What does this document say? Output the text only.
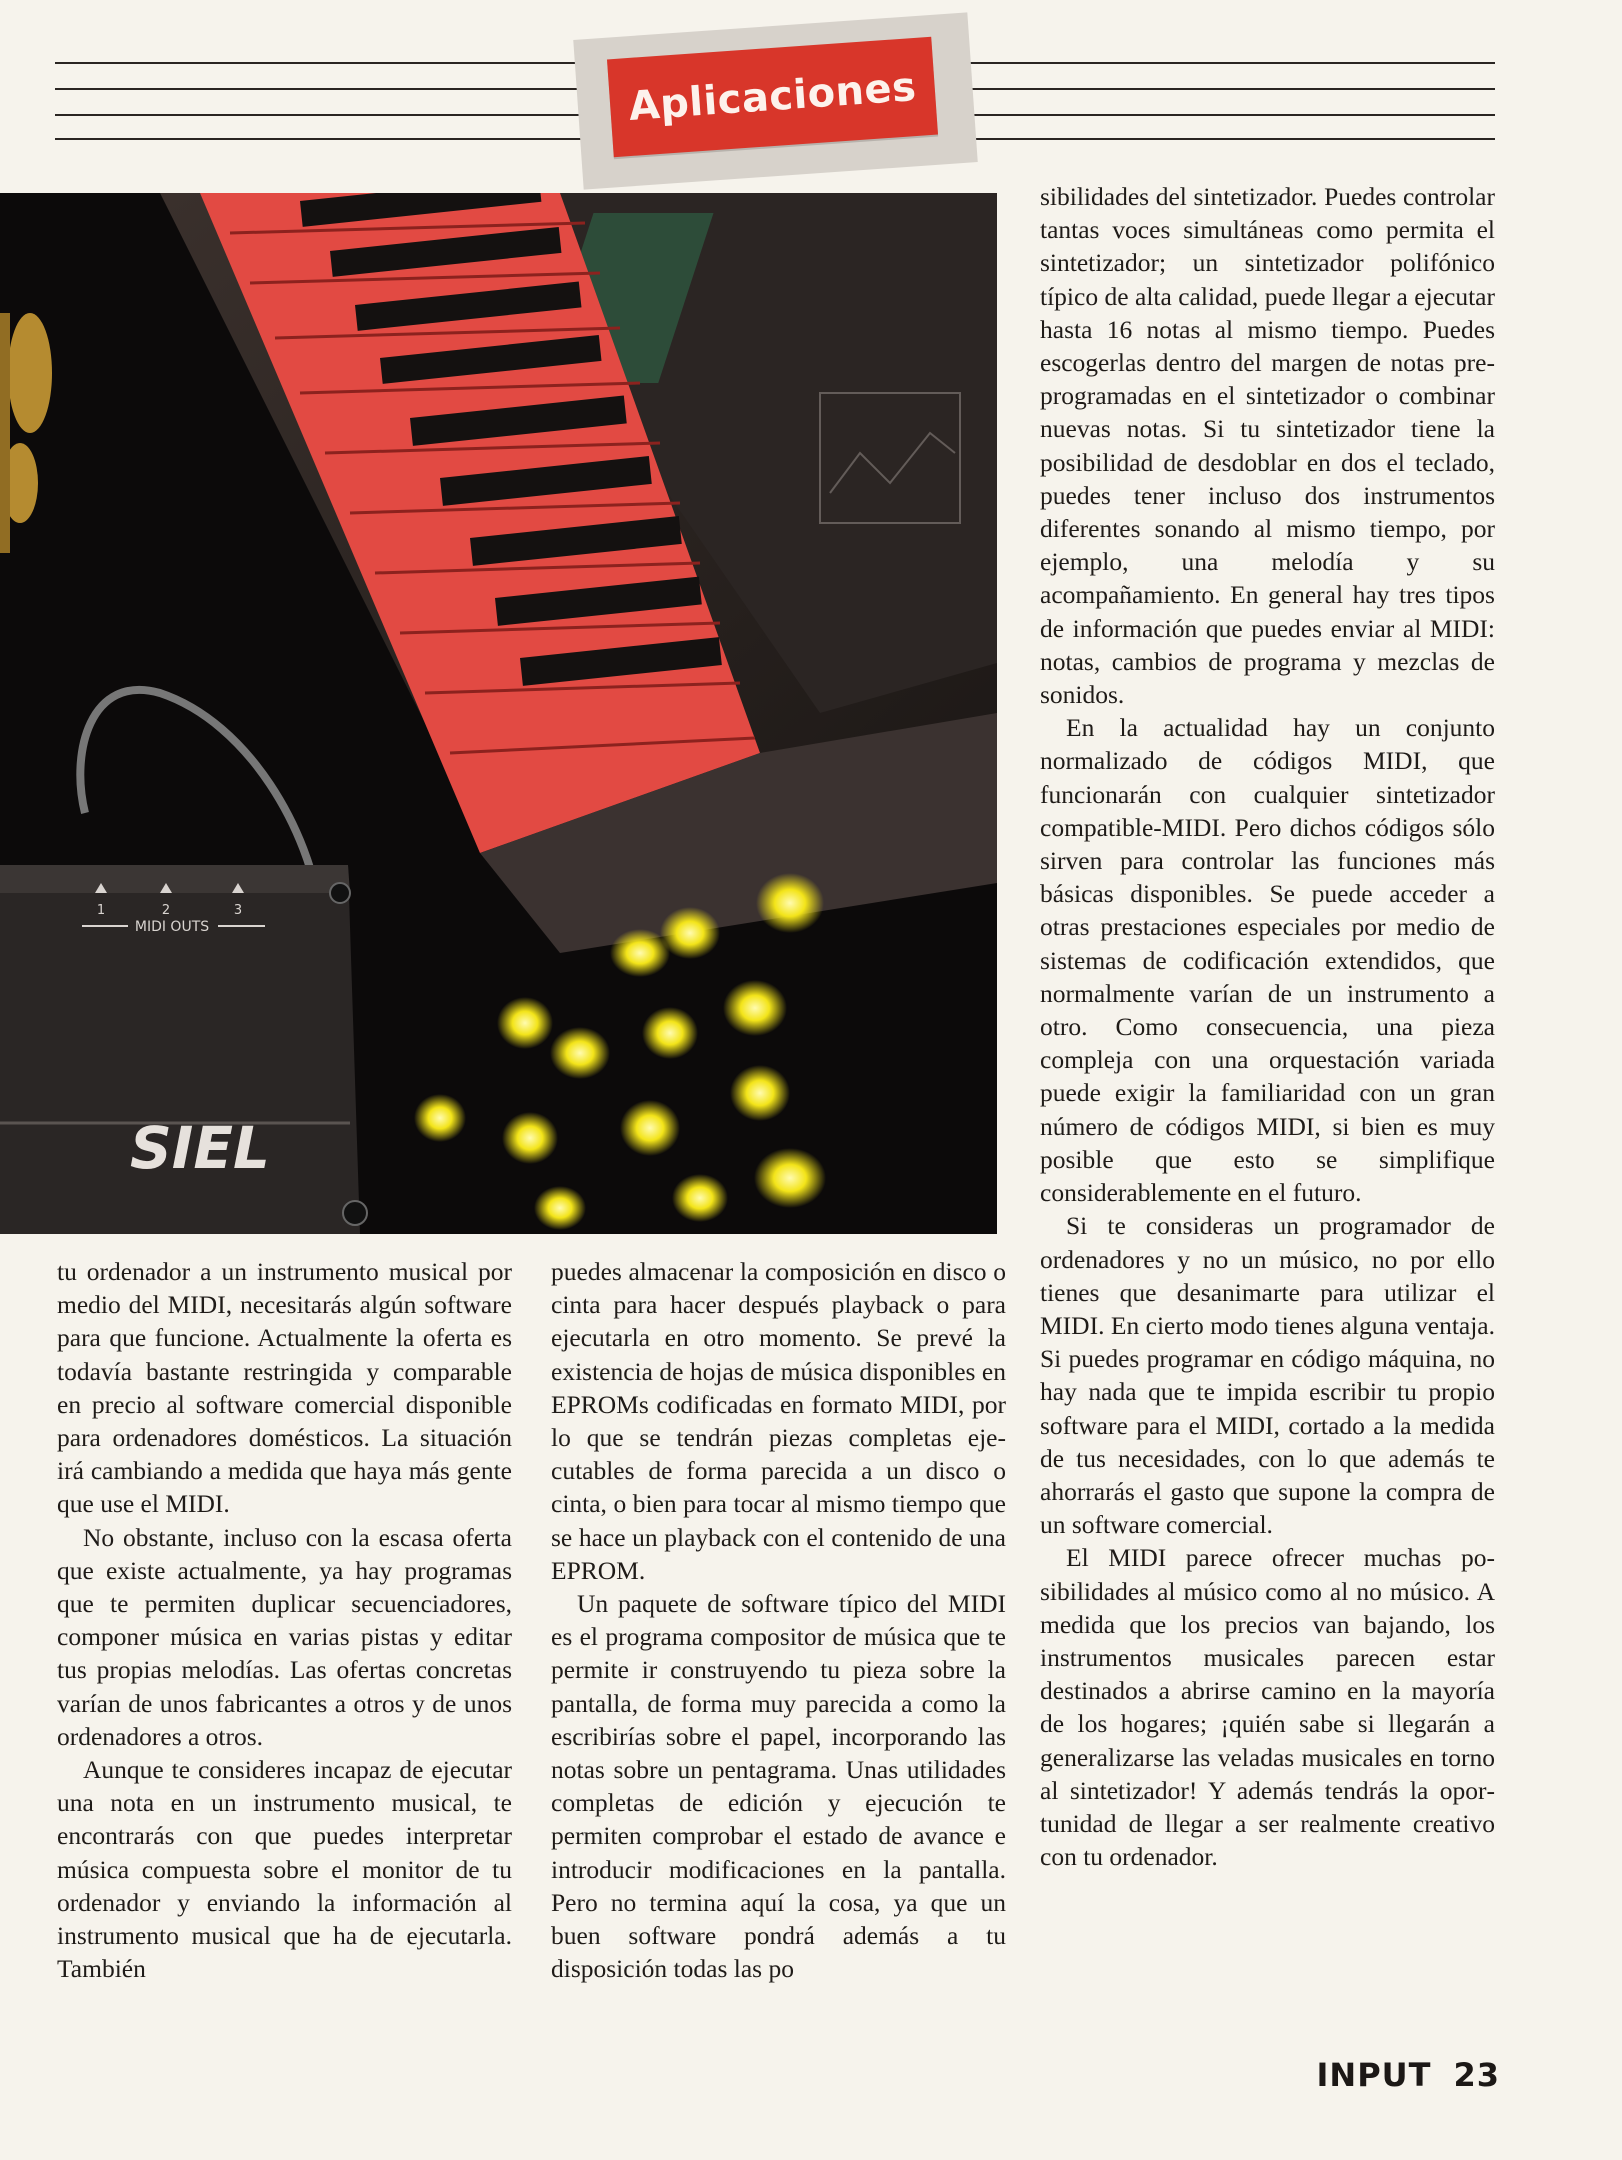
Aplicaciones
1	2	3
MIDI OUTS
SIEL

tu ordenador a un instrumento musical por medio del MIDI, necesitarás algún software para que funcione. Actualmente la oferta es todavía bastante restringida y comparable en precio al software comercial disponible para ordenadores domésticos. La situación irá cambiando a medida que haya más gente que use el MIDI.

No obstante, incluso con la escasa oferta que existe actualmente, ya hay programas que te permiten duplicar secuenciadores, componer música en varias pistas y editar tus propias melodías. Las ofertas concretas varían de unos fabricantes a otros y de unos ordenadores a otros.

Aunque te consideres incapaz de ejecutar una nota en un instrumento musical, te encontrarás con que puedes interpretar música compuesta sobre el monitor de tu ordenador y enviando la información al instrumento musical que ha de ejecutarla. También

puedes almacenar la composición en disco o cinta para hacer después playback o para ejecutarla en otro momento. Se prevé la existencia de hojas de música disponibles en EPROMs codificadas en formato MIDI, por lo que se tendrán piezas completas ejecutables de forma parecida a un disco o cinta, o bien para tocar al mismo tiempo que se hace un playback con el contenido de una EPROM.

Un paquete de software típico del MIDI es el programa compositor de música que te permite ir construyendo tu pieza sobre la pantalla, de forma muy parecida a como la escribirías sobre el papel, incorporando las notas sobre un pentagrama. Unas utilidades completas de edición y ejecución te permiten comprobar el estado de avance e introducir modificaciones en la pantalla. Pero no termina aquí la cosa, ya que un buen software pondrá además a tu disposición todas las po

sibilidades del sintetizador. Puedes controlar tantas voces simultáneas como permita el sintetizador; un sintetizador polifónico típico de alta calidad, puede llegar a ejecutar hasta 16 notas al mismo tiempo. Puedes escogerlas dentro del margen de notas preprogramadas en el sintetizador o combinar nuevas notas. Si tu sintetizador tiene la posibilidad de desdoblar en dos el teclado, puedes tener incluso dos instrumentos diferentes sonando al mismo tiempo, por ejemplo, una melodía y su acompañamiento. En general hay tres tipos de información que puedes enviar al MIDI: notas, cambios de programa y mezclas de sonidos.

En la actualidad hay un conjunto normalizado de códigos MIDI, que funcionarán con cualquier sintetizador compatible-MIDI. Pero dichos códigos sólo sirven para controlar las funciones más básicas disponibles. Se puede acceder a otras prestaciones especiales por medio de sistemas de codificación extendidos, que normalmente varían de un instrumento a otro. Como consecuencia, una pieza compleja con una orquestación variada puede exigir la familiaridad con un gran número de códigos MIDI, si bien es muy posible que esto se simplifique considerablemente en el futuro.

Si te consideras un programador de ordenadores y no un músico, no por ello tienes que desanimarte para utilizar el MIDI. En cierto modo tienes alguna ventaja. Si puedes programar en código máquina, no hay nada que te impida escribir tu propio software para el MIDI, cortado a la medida de tus necesidades, con lo que además te ahorrarás el gasto que supone la compra de un software comercial.

El MIDI parece ofrecer muchas posibilidades al músico como al no músico. A medida que los precios van bajando, los instrumentos musicales parecen estar destinados a abrirse camino en la mayoría de los hogares; ¡quién sabe si llegarán a generalizarse las veladas musicales en torno al sintetizador! Y además tendrás la oportunidad de llegar a ser realmente creativo con tu ordenador.

INPUT 23
